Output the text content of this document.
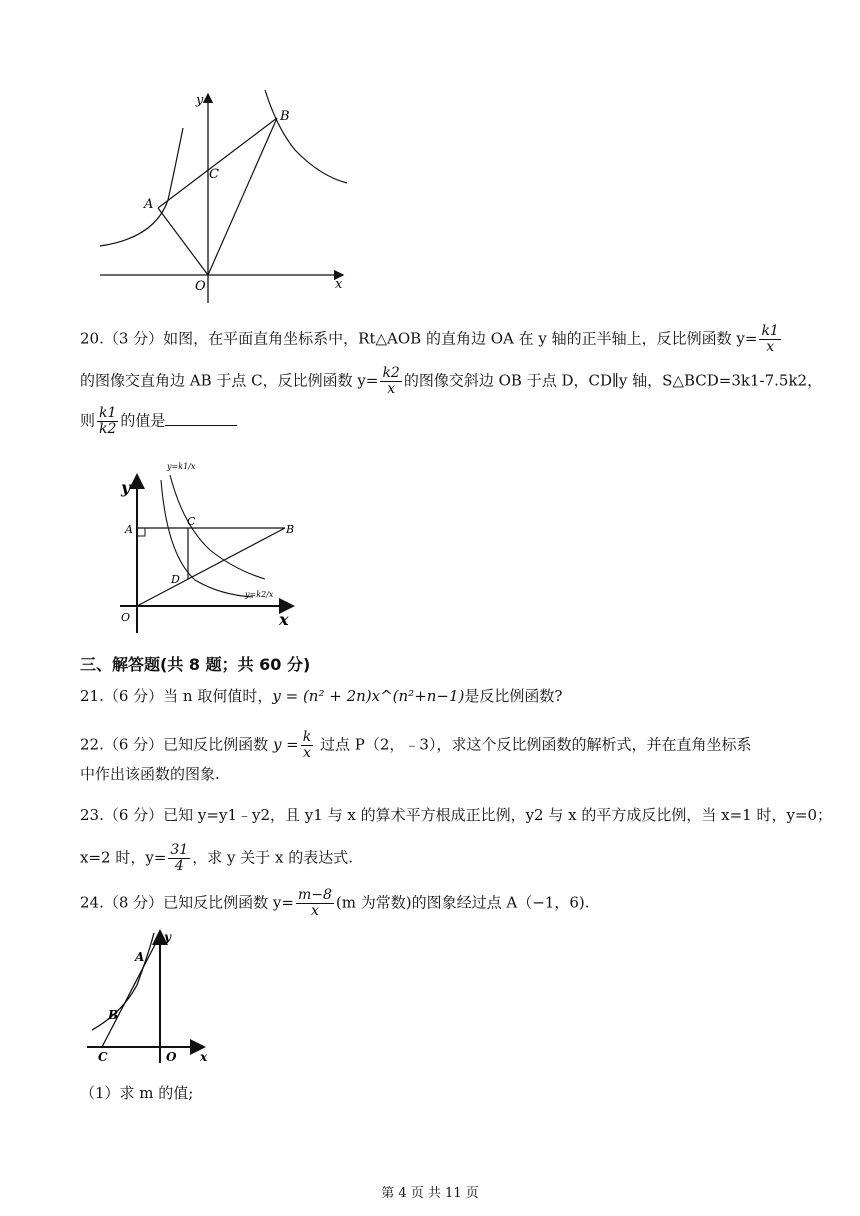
y
x
O
A
B
C
20.（3 分）如图，在平面直角坐标系中，Rt△AOB 的直角边 OA 在 y 轴的正半轴上，反比例函数 $y= \frac{k1}{x}$
的图像交直角边 AB 于点 C，反比例函数 $y= \frac{k2}{x}$ 的图像交斜边 OB 于点 D，CD∥y 轴，S△BCD=3k1-7.5k2，
则 $\frac{k1}{k2}$ 的值是
y
x
O
A	B
C
D
y=k1/x
y=k2/x
三、解答题(共 8 题；共 60 分)
21.（6 分）当 n 取何值时，y = (n² + 2n)x^(n²+n−1)是反比例函数?
22.（6 分）已知反比例函数 $y = \frac{k}{x}$ 过点 P（2，﹣3），求这个反比例函数的解析式，并在直角坐标系
中作出该函数的图象.
23.（6 分）已知 y=y1﹣y2，且 y1 与 x 的算术平方根成正比例，y2 与 x 的平方成反比例，当 x=1 时，y=0；
x=2 时，$y= \frac{31}{4}$ ，求 y 关于 x 的表达式.
24.（8 分）已知反比例函数 $y= \frac{m-8}{x} (m$ 为常数)的图象经过点 A（−1，6).
y
x
O
A
B
C
（1）求 m 的值;
第 4 页 共 11 页
